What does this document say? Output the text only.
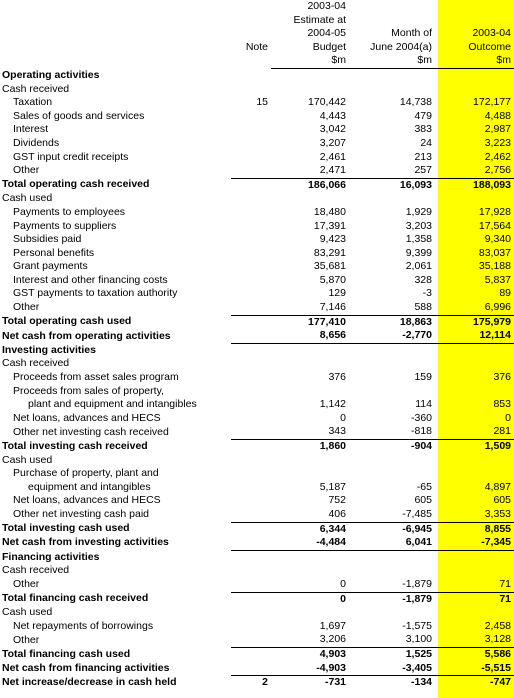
		2003-04		
		Estimate at		
		2004-05	Month of	2003-04
	Note	Budget	June 2004(a)	Outcome
		$m	$m	$m
Operating activities				
Cash received				
Taxation	15	170,442	14,738	172,177
Sales of goods and services		4,443	479	4,488
Interest		3,042	383	2,987
Dividends		3,207	24	3,223
GST input credit receipts		2,461	213	2,462
Other		2,471	257	2,756
Total operating cash received		186,066	16,093	188,093
Cash used				
Payments to employees		18,480	1,929	17,928
Payments to suppliers		17,391	3,203	17,564
Subsidies paid		9,423	1,358	9,340
Personal benefits		83,291	9,399	83,037
Grant payments		35,681	2,061	35,188
Interest and other financing costs		5,870	328	5,837
GST payments to taxation authority		129	-3	89
Other		7,146	588	6,996
Total operating cash used		177,410	18,863	175,979
Net cash from operating activities		8,656	-2,770	12,114
Investing activities				
Cash received				
Proceeds from asset sales program		376	159	376
Proceeds from sales of property,				
plant and equipment and intangibles		1,142	114	853
Net loans, advances and HECS		0	-360	0
Other net investing cash received		343	-818	281
Total investing cash received		1,860	-904	1,509
Cash used				
Purchase of property, plant and				
equipment and intangibles		5,187	-65	4,897
Net loans, advances and HECS		752	605	605
Other net investing cash paid		406	-7,485	3,353
Total investing cash used		6,344	-6,945	8,855
Net cash from investing activities		-4,484	6,041	-7,345
Financing activities				
Cash received				
Other		0	-1,879	71
Total financing cash received		0	-1,879	71
Cash used				
Net repayments of borrowings		1,697	-1,575	2,458
Other		3,206	3,100	3,128
Total financing cash used		4,903	1,525	5,586
Net cash from financing activities		-4,903	-3,405	-5,515
Net increase/decrease in cash held	2	-731	-134	-747
